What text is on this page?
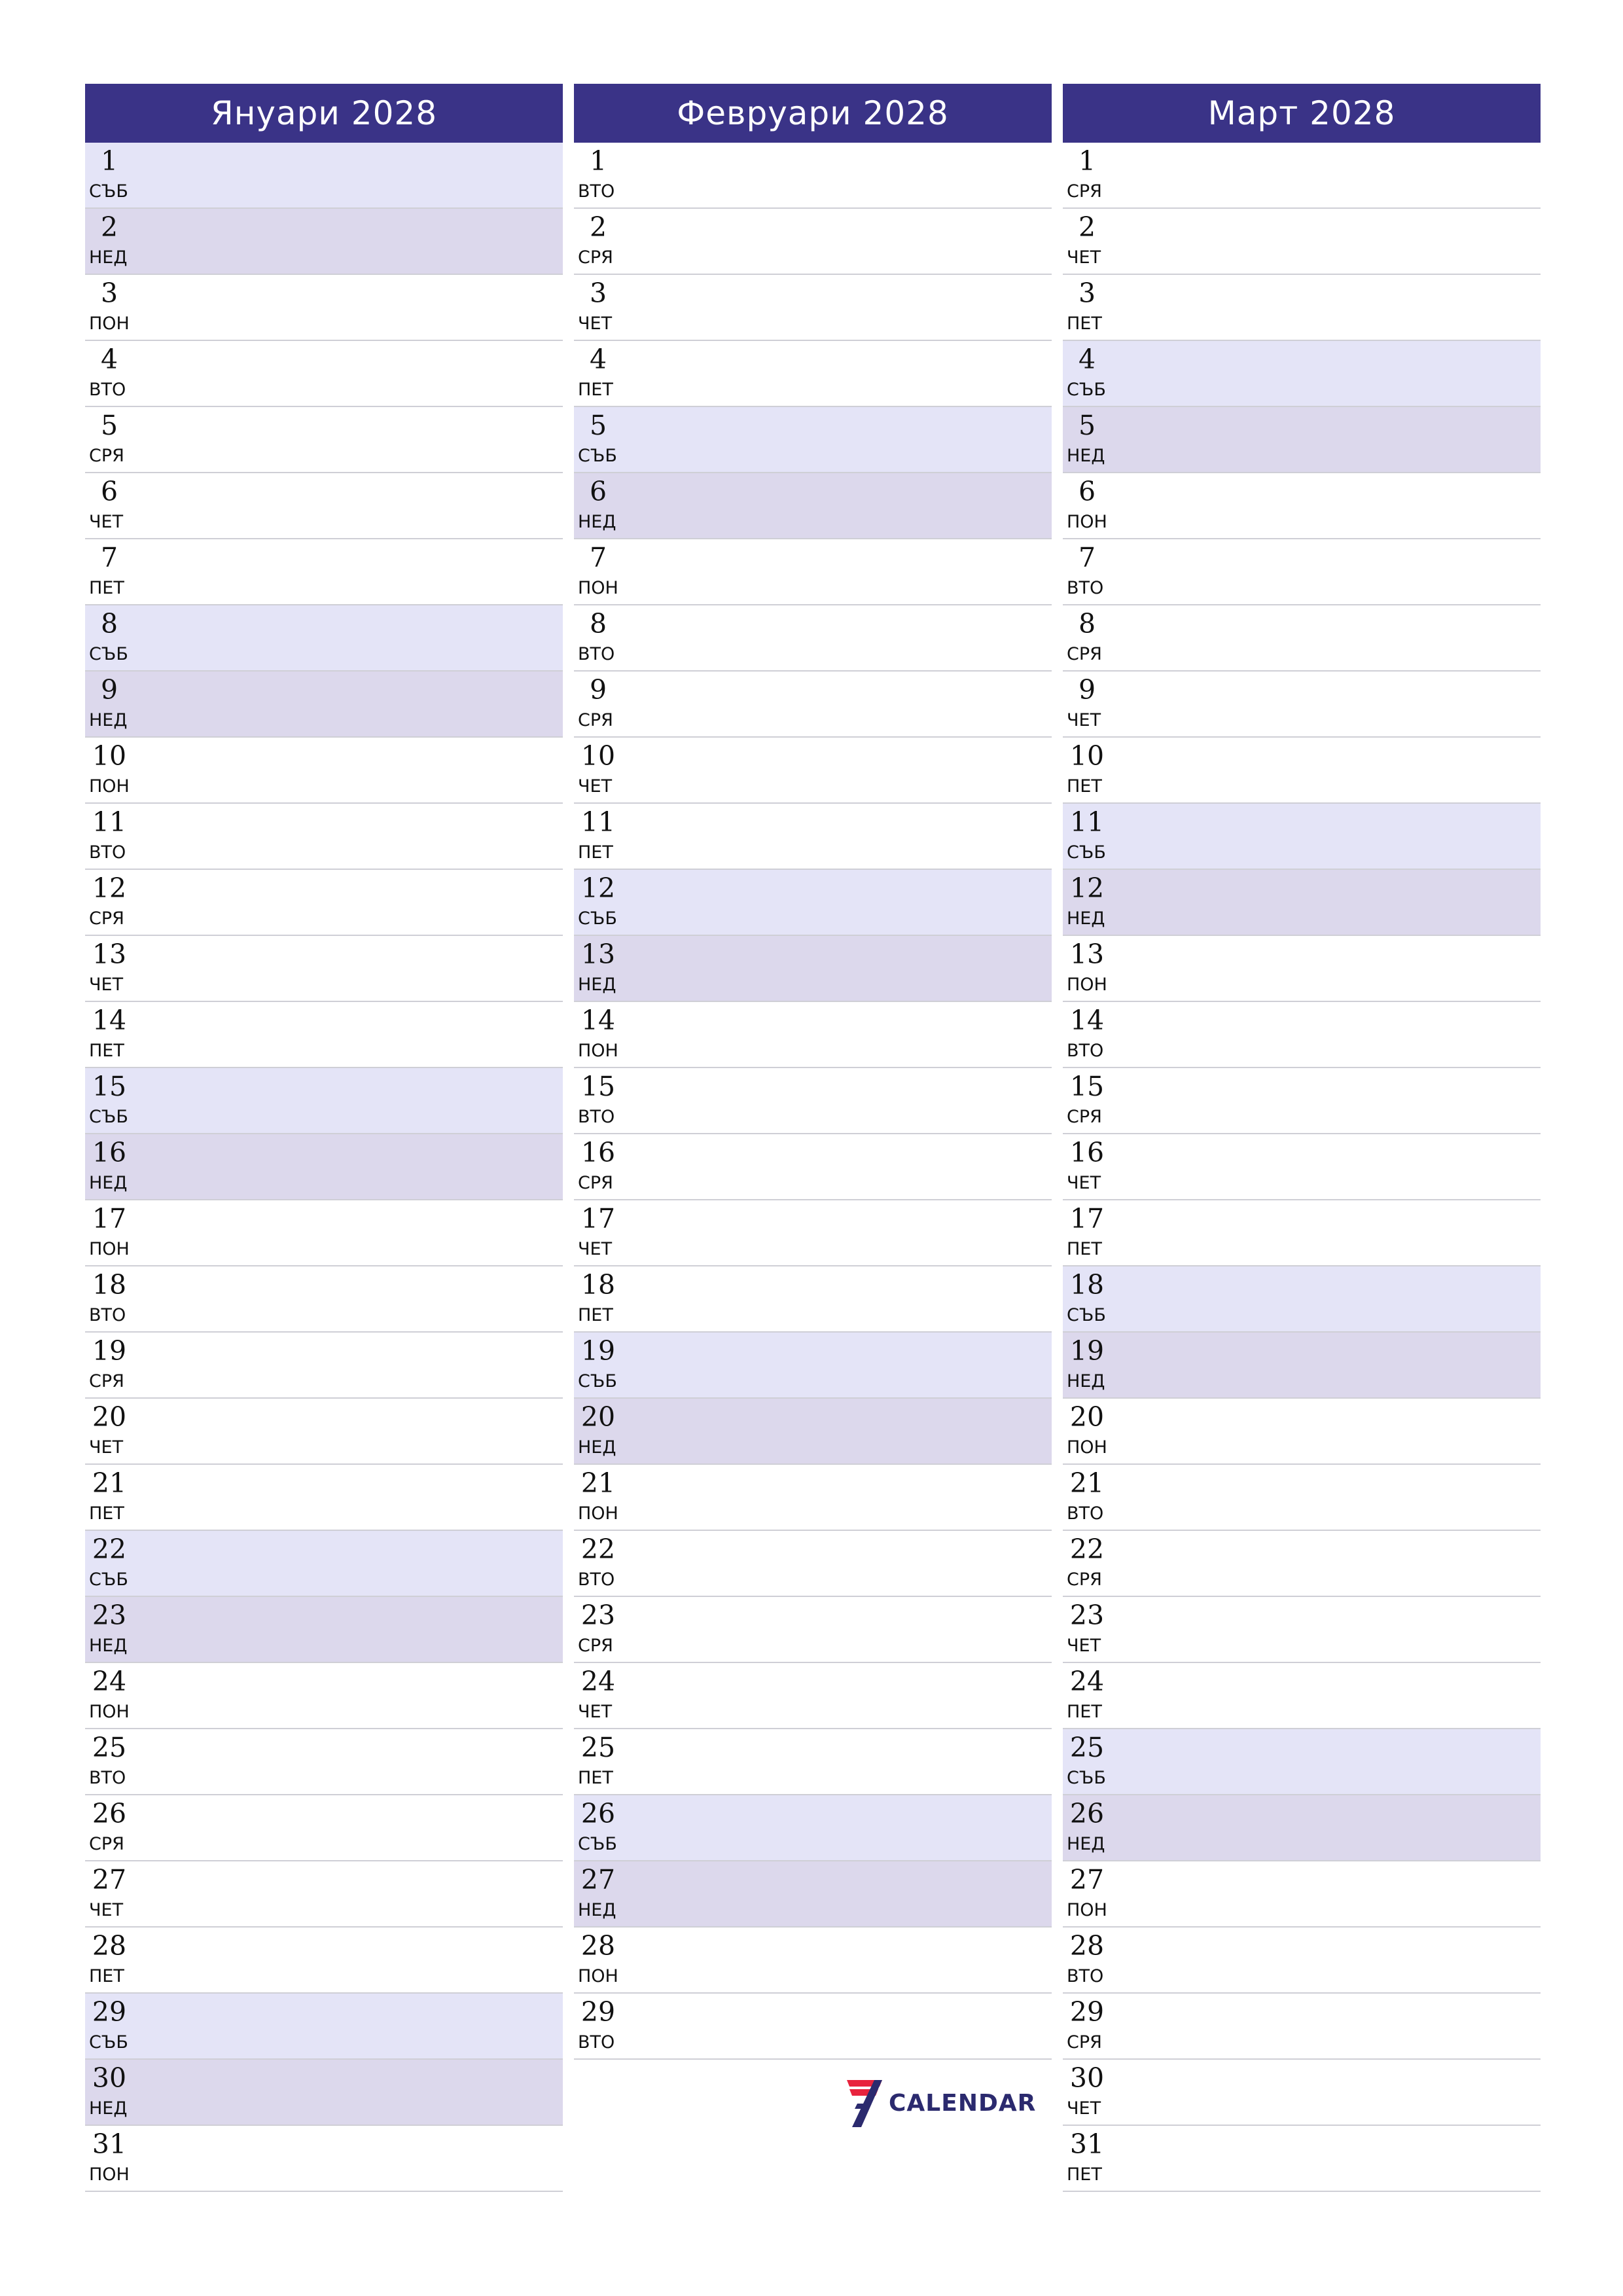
Януари 2028
1
СЪБ
2
НЕД
3
ПОН
4
ВТО
5
СРЯ
6
ЧЕТ
7
ПЕТ
8
СЪБ
9
НЕД
10
ПОН
11
ВТО
12
СРЯ
13
ЧЕТ
14
ПЕТ
15
СЪБ
16
НЕД
17
ПОН
18
ВТО
19
СРЯ
20
ЧЕТ
21
ПЕТ
22
СЪБ
23
НЕД
24
ПОН
25
ВТО
26
СРЯ
27
ЧЕТ
28
ПЕТ
29
СЪБ
30
НЕД
31
ПОН
Февруари 2028
1
ВТО
2
СРЯ
3
ЧЕТ
4
ПЕТ
5
СЪБ
6
НЕД
7
ПОН
8
ВТО
9
СРЯ
10
ЧЕТ
11
ПЕТ
12
СЪБ
13
НЕД
14
ПОН
15
ВТО
16
СРЯ
17
ЧЕТ
18
ПЕТ
19
СЪБ
20
НЕД
21
ПОН
22
ВТО
23
СРЯ
24
ЧЕТ
25
ПЕТ
26
СЪБ
27
НЕД
28
ПОН
29
ВТО
Март 2028
1
СРЯ
2
ЧЕТ
3
ПЕТ
4
СЪБ
5
НЕД
6
ПОН
7
ВТО
8
СРЯ
9
ЧЕТ
10
ПЕТ
11
СЪБ
12
НЕД
13
ПОН
14
ВТО
15
СРЯ
16
ЧЕТ
17
ПЕТ
18
СЪБ
19
НЕД
20
ПОН
21
ВТО
22
СРЯ
23
ЧЕТ
24
ПЕТ
25
СЪБ
26
НЕД
27
ПОН
28
ВТО
29
СРЯ
30
ЧЕТ
31
ПЕТ
CALENDAR
